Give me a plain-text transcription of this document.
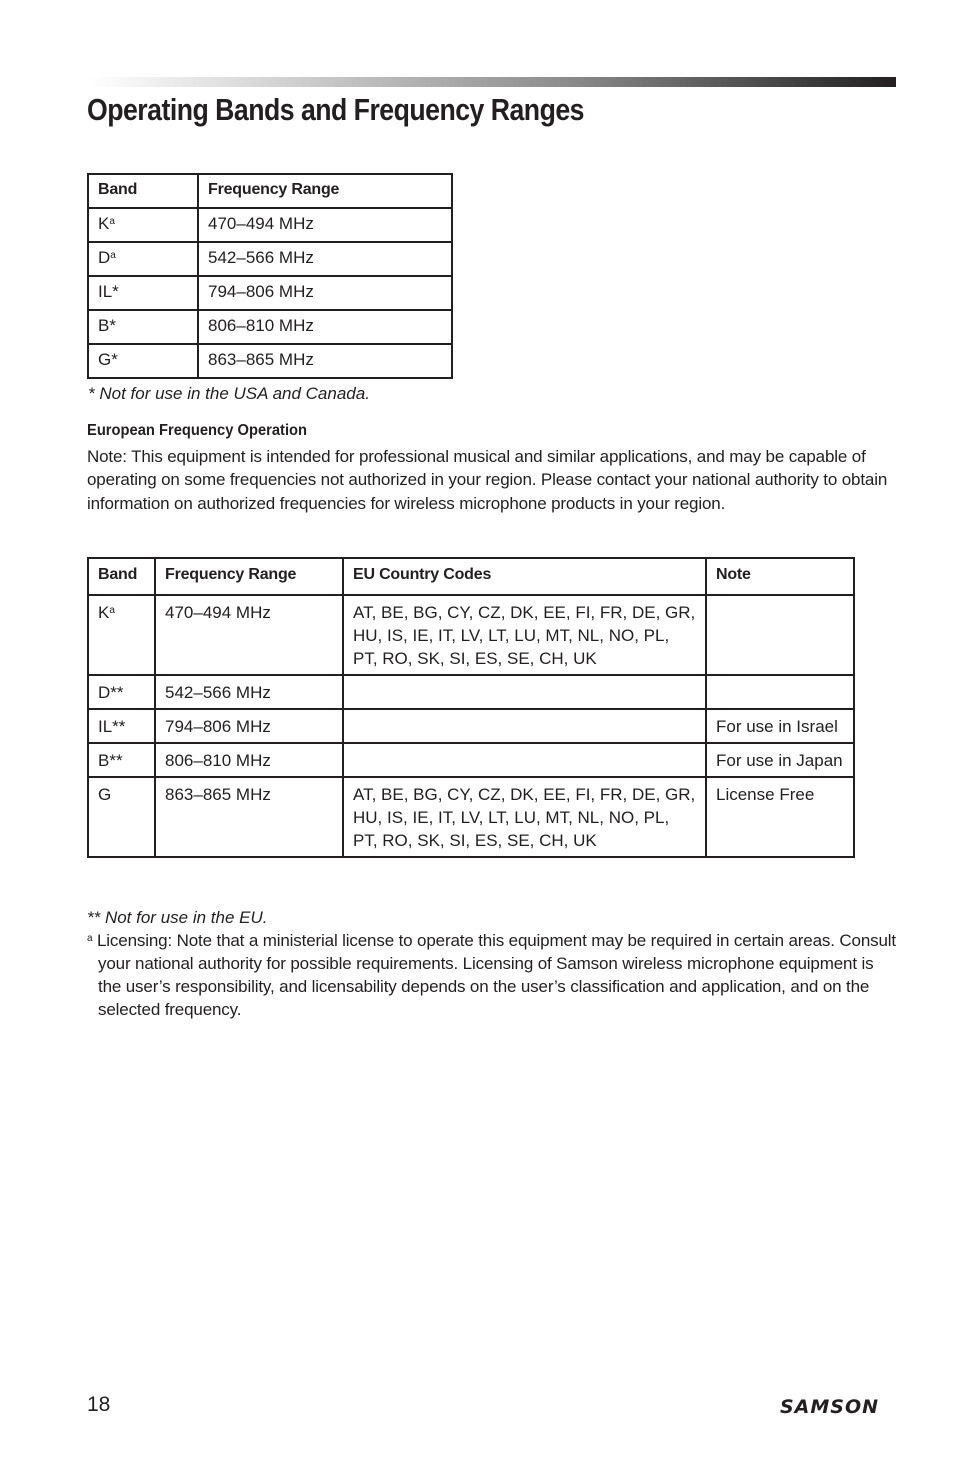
Operating Bands and Frequency Ranges
Band	Frequency Range
$K^a$	470–494 MHz
$D^a$	542–566 MHz
IL*	794–806 MHz
B*	806–810 MHz
G*	863–865 MHz
* Not for use in the USA and Canada.
European Frequency Operation
Note: This equipment is intended for professional musical and similar applications, and may be capable of operating on some frequencies not authorized in your region. Please contact your national authority to obtain information on authorized frequencies for wireless microphone products in your region.
Band	Frequency Range	EU Country Codes	Note
$K^a$	470–494 MHz	AT, BE, BG, CY, CZ, DK, EE, FI, FR, DE, GR, HU, IS, IE, IT, LV, LT, LU, MT, NL, NO, PL, PT, RO, SK, SI, ES, SE, CH, UK	
D**	542–566 MHz		
IL**	794–806 MHz		For use in Israel
B**	806–810 MHz		For use in Japan
G	863–865 MHz	AT, BE, BG, CY, CZ, DK, EE, FI, FR, DE, GR, HU, IS, IE, IT, LV, LT, LU, MT, NL, NO, PL, PT, RO, SK, SI, ES, SE, CH, UK	License Free
** Not for use in the EU.
$^a$ Licensing: Note that a ministerial license to operate this equipment may be required in certain areas. Consult your national authority for possible requirements. Licensing of Samson wireless microphone equipment is the user’s responsibility, and licensability depends on the user’s classification and application, and on the selected frequency.
18	SAMSON
